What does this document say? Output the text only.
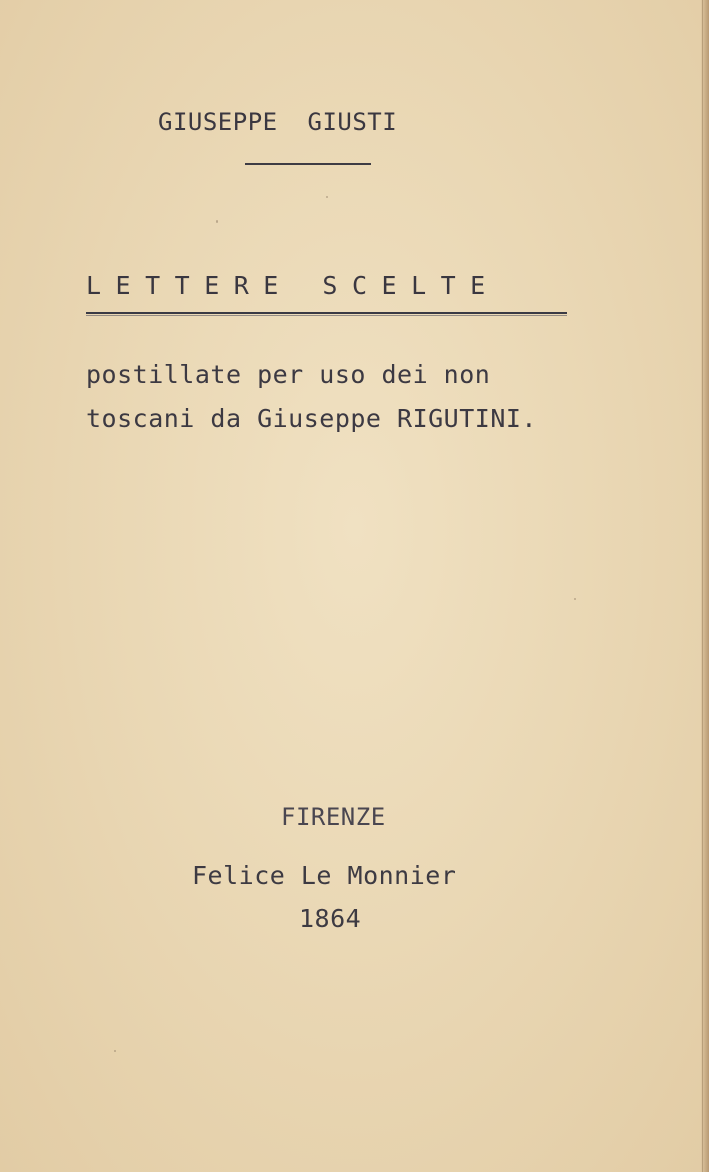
GIUSEPPE  GIUSTI
LETTERE SCELTE
postillate per uso dei non
toscani da Giuseppe RIGUTINI.
FIRENZE
Felice Le Monnier
1864
